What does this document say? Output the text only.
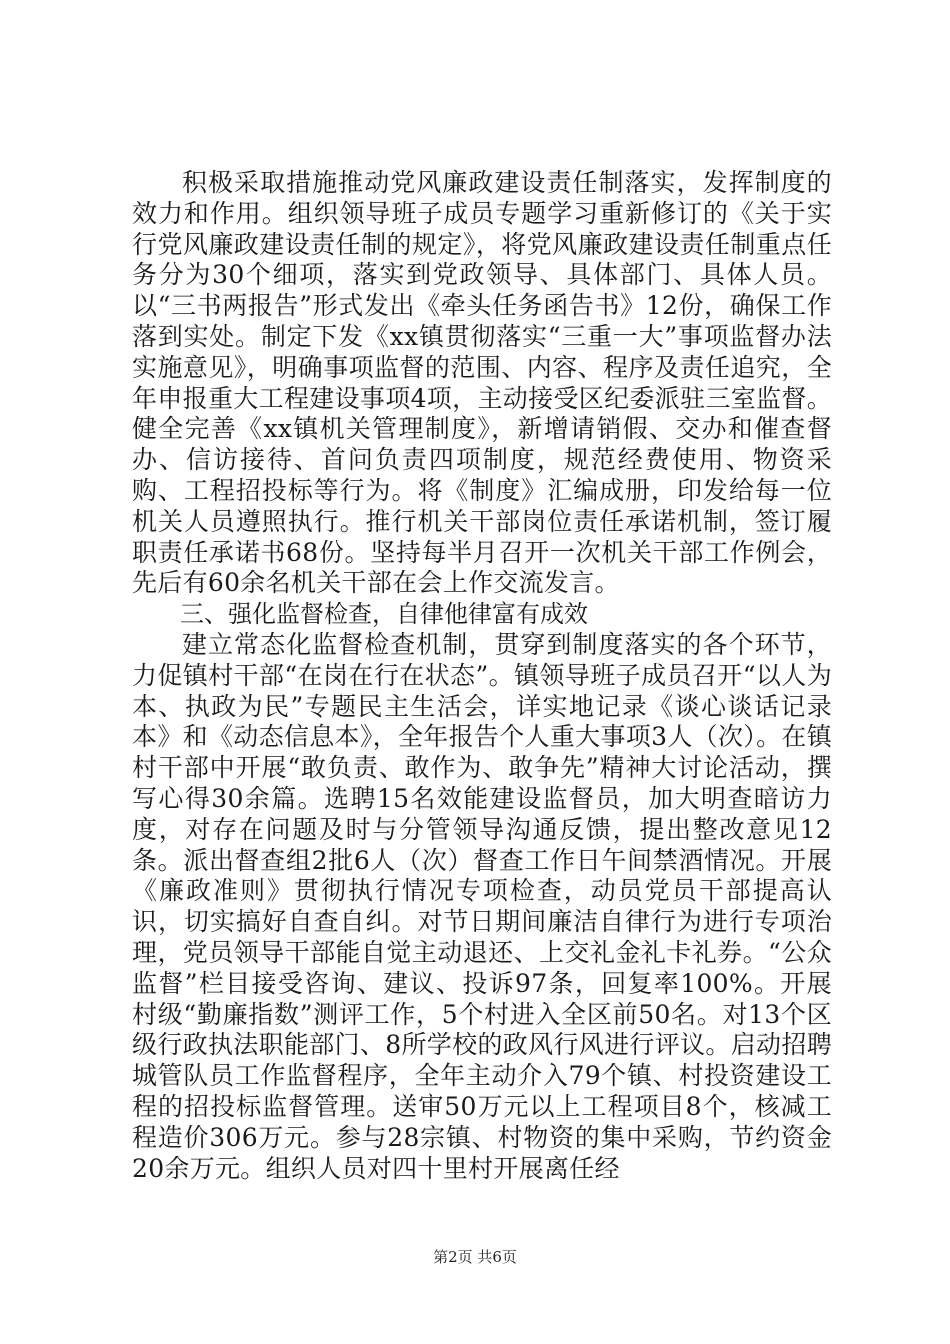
积极采取措施推动党风廉政建设责任制落实，发挥制度的效力和作用。组织领导班子成员专题学习重新修订的《关于实行党风廉政建设责任制的规定》，将党风廉政建设责任制重点任务分为30个细项，落实到党政领导、具体部门、具体人员。以“三书两报告”形式发出《牵头任务函告书》12份，确保工作落到实处。制定下发《xx镇贯彻落实“三重一大”事项监督办法实施意见》，明确事项监督的范围、内容、程序及责任追究，全年申报重大工程建设事项4项，主动接受区纪委派驻三室监督。健全完善《xx镇机关管理制度》，新增请销假、交办和催查督办、信访接待、首问负责四项制度，规范经费使用、物资采购、工程招投标等行为。将《制度》汇编成册，印发给每一位机关人员遵照执行。推行机关干部岗位责任承诺机制，签订履职责任承诺书68份。坚持每半月召开一次机关干部工作例会，先后有60余名机关干部在会上作交流发言。

三、强化监督检查，自律他律富有成效

建立常态化监督检查机制，贯穿到制度落实的各个环节，力促镇村干部“在岗在行在状态”。镇领导班子成员召开“以人为本、执政为民”专题民主生活会，详实地记录《谈心谈话记录本》和《动态信息本》，全年报告个人重大事项3人（次）。在镇村干部中开展“敢负责、敢作为、敢争先”精神大讨论活动，撰写心得30余篇。选聘15名效能建设监督员，加大明查暗访力度，对存在问题及时与分管领导沟通反馈，提出整改意见12条。派出督查组2批6人（次）督查工作日午间禁酒情况。开展《廉政准则》贯彻执行情况专项检查，动员党员干部提高认识，切实搞好自查自纠。对节日期间廉洁自律行为进行专项治理，党员领导干部能自觉主动退还、上交礼金礼卡礼券。“公众监督”栏目接受咨询、建议、投诉97条，回复率100%。开展村级“勤廉指数”测评工作，5个村进入全区前50名。对13个区级行政执法职能部门、8所学校的政风行风进行评议。启动招聘城管队员工作监督程序，全年主动介入79个镇、村投资建设工程的招投标监督管理。送审50万元以上工程项目8个，核减工程造价306万元。参与28宗镇、村物资的集中采购，节约资金20余万元。组织人员对四十里村开展离任经

第2页 共6页
